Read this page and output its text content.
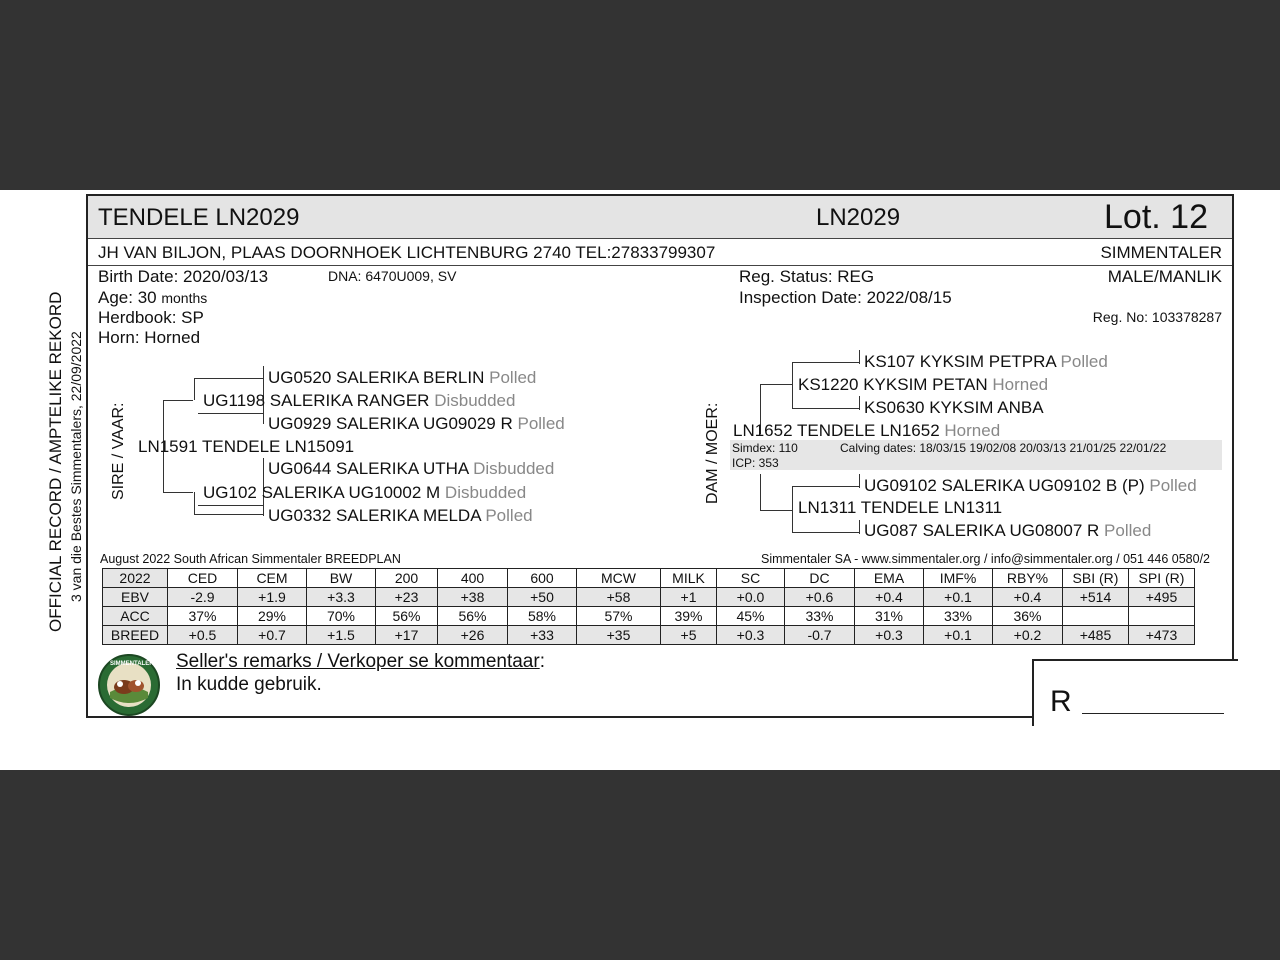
OFFICIAL RECORD / AMPTELIKE REKORD 3 van die Bestes Simmentalers, 22/09/2022
TENDELE LN2029	LN2029	Lot. 12
JH VAN BILJON, PLAAS DOORNHOEK LICHTENBURG 2740 TEL:27833799307	SIMMENTALER
Birth Date: 2020/03/13	DNA: 6470U009, SV
Age: 30 months
Herdbook: SP
Horn: Horned
Reg. Status: REG
Inspection Date: 2022/08/15
MALE/MANLIK
Reg. No: 103378287
SIRE / VAAR:
UG0520 SALERIKA BERLIN Polled
UG1198 SALERIKA RANGER Disbudded
UG0929 SALERIKA UG09029 R Polled
LN1591 TENDELE LN15091
UG0644 SALERIKA UTHA Disbudded
UG102 SALERIKA UG10002 M Disbudded
UG0332 SALERIKA MELDA Polled
DAM / MOER:
KS107 KYKSIM PETPRA Polled
KS1220 KYKSIM PETAN Horned
KS0630 KYKSIM ANBA
LN1652 TENDELE LN1652 Horned
Simdex: 110	Calving dates: 18/03/15 19/02/08 20/03/13 21/01/25 22/01/22
ICP: 353
UG09102 SALERIKA UG09102 B (P) Polled
LN1311 TENDELE LN1311
UG087 SALERIKA UG08007 R Polled
August 2022 South African Simmentaler BREEDPLAN	Simmentaler SA - www.simmentaler.org / info@simmentaler.org / 051 446 0580/2
2022	CED	CEM	BW	200	400	600	MCW	MILK	SC	DC	EMA	IMF%	RBY%	SBI (R)	SPI (R)
EBV	-2.9	+1.9	+3.3	+23	+38	+50	+58	+1	+0.0	+0.6	+0.4	+0.1	+0.4	+514	+495
ACC	37%	29%	70%	56%	56%	58%	57%	39%	45%	33%	31%	33%	36%		
BREED	+0.5	+0.7	+1.5	+17	+26	+33	+35	+5	+0.3	-0.7	+0.3	+0.1	+0.2	+485	+473
SIMMENTALER Seller's remarks / Verkoper se kommentaar:
In kudde gebruik.
R
